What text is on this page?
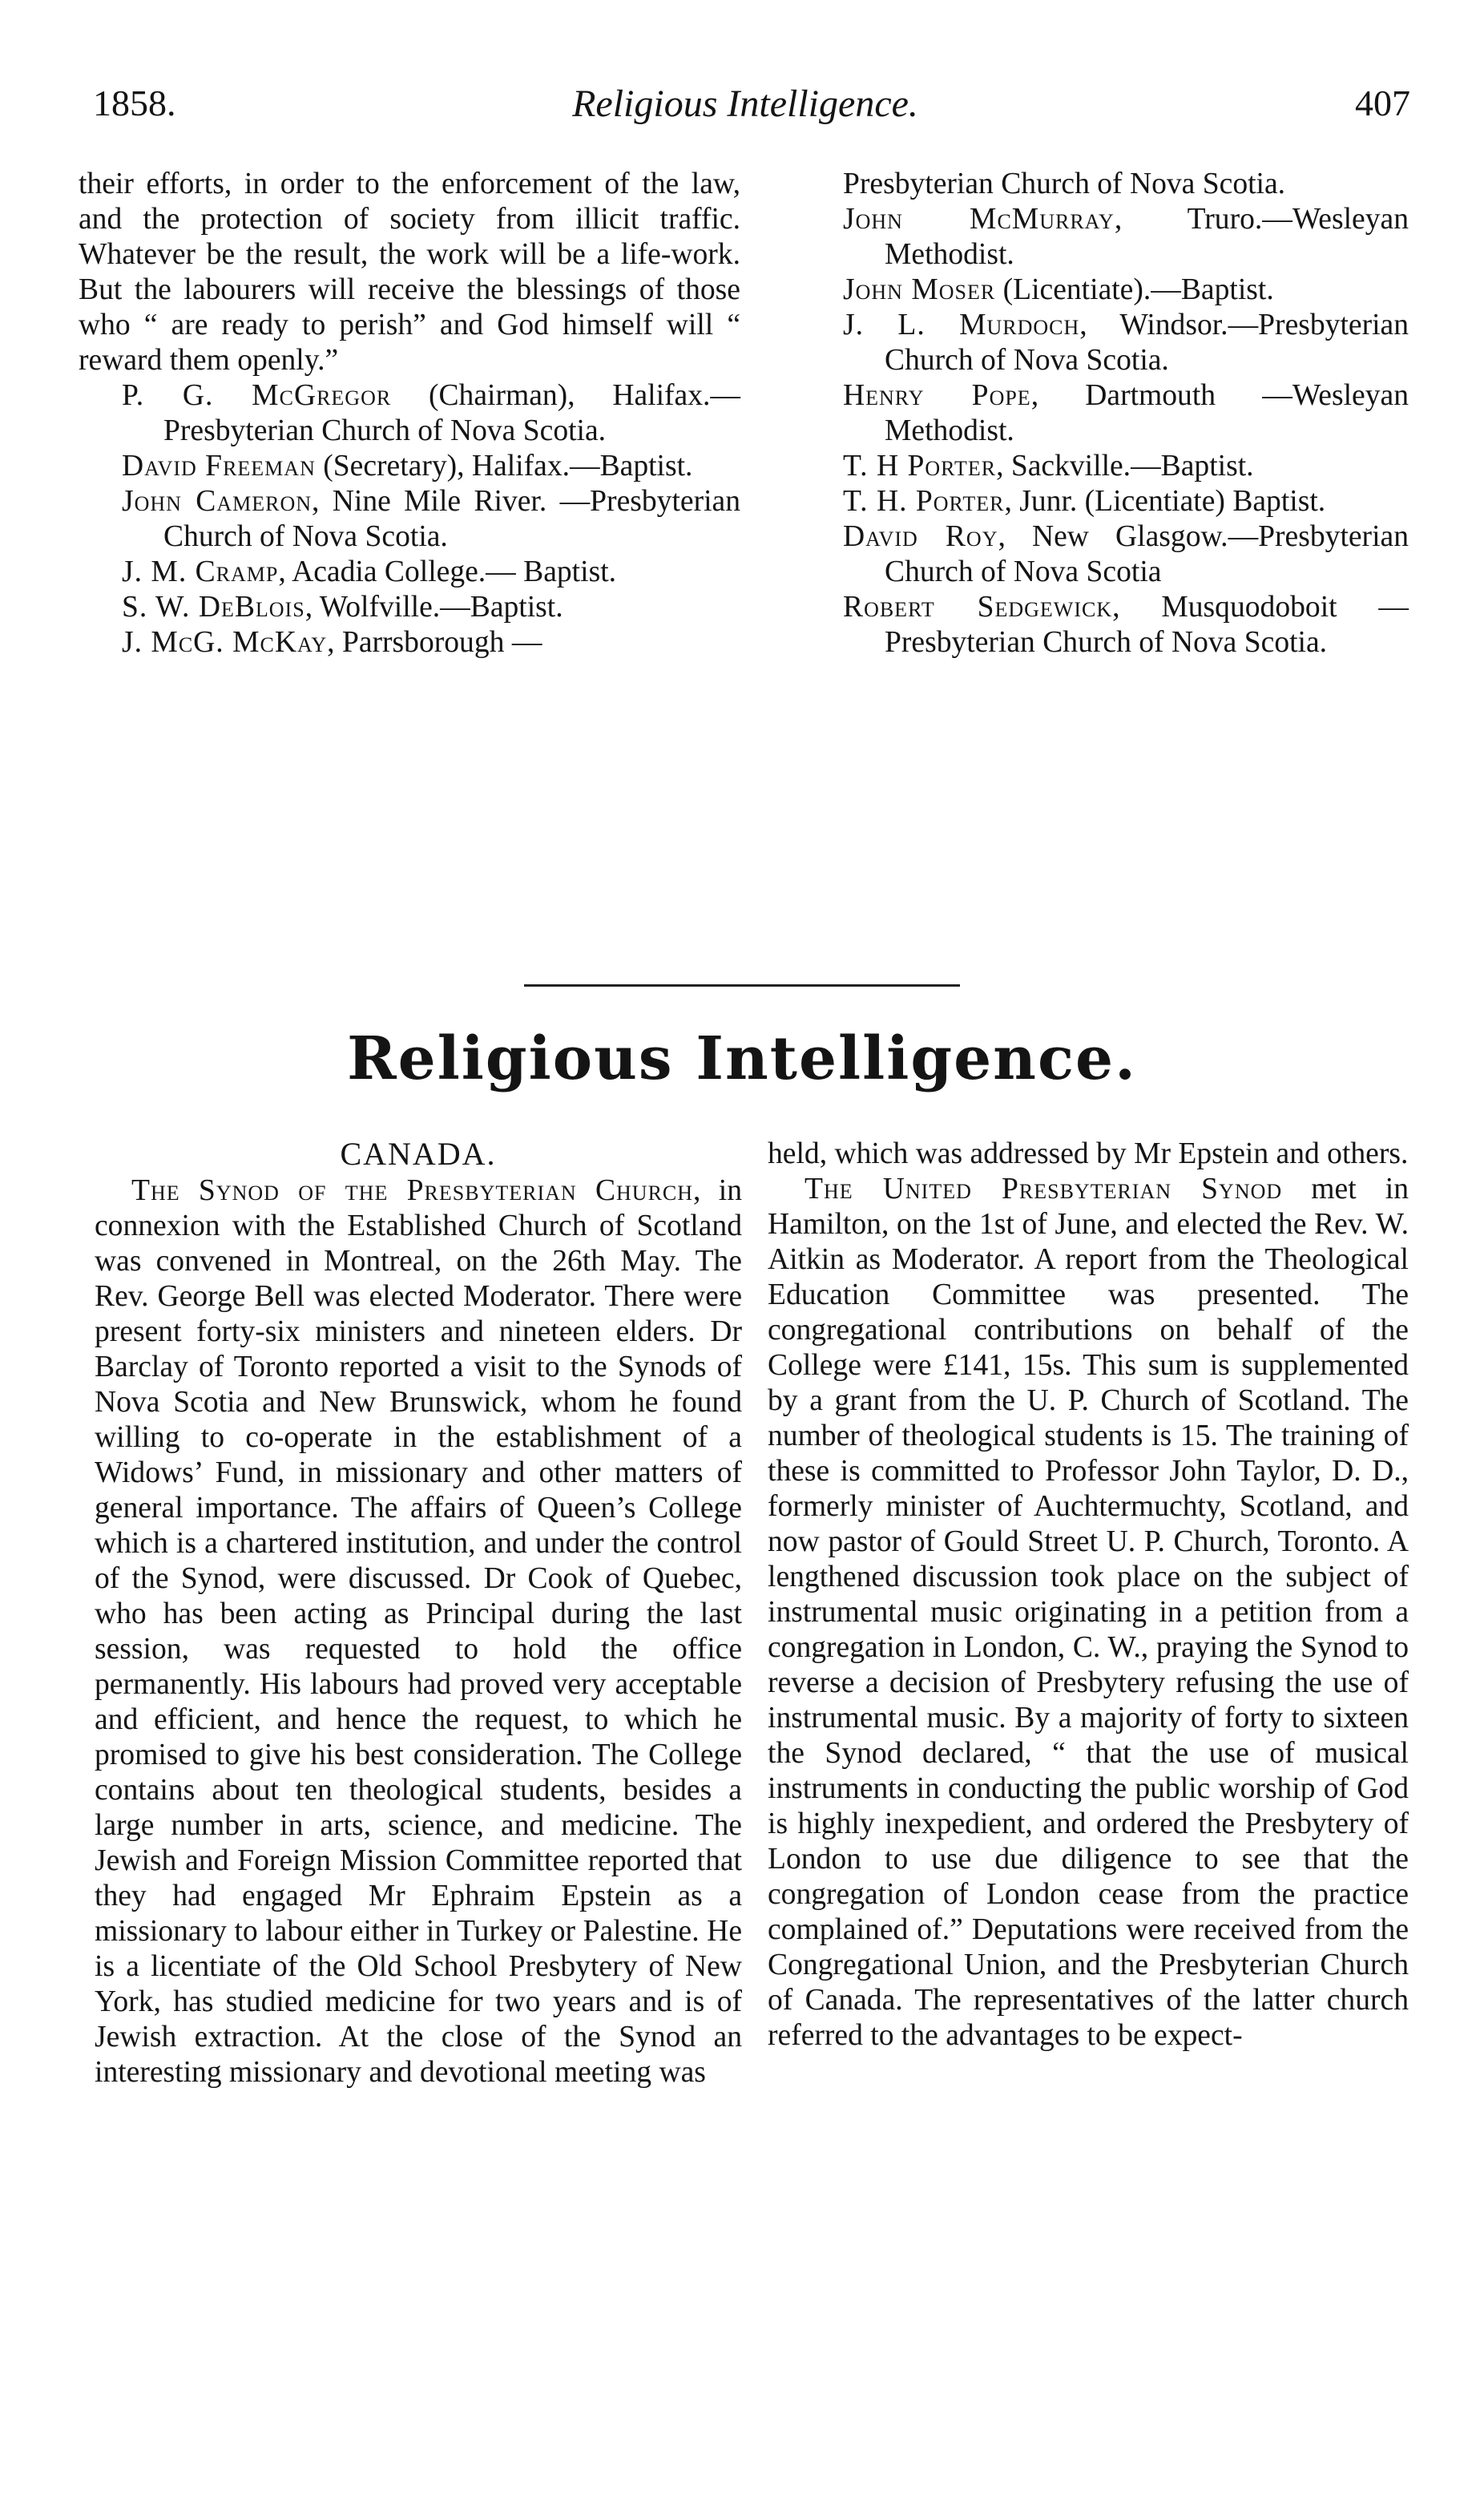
1858.	Religious Intelligence.	407

their efforts, in order to the enforcement of the law, and the protection of society from illicit traffic. Whatever be the result, the work will be a life-work. But the labourers will receive the blessings of those who “ are ready to perish” and God himself will “ reward them openly.”

P. G. McGregor (Chairman), Halifax.—Presbyterian Church of Nova Scotia.

David Freeman (Secretary), Halifax.—Baptist.

John Cameron, Nine Mile River. —Presbyterian Church of Nova Scotia.

J. M. Cramp, Acadia College.— Baptist.

S. W. DeBlois, Wolfville.—Baptist.

J. McG. McKay, Parrsborough —

Presbyterian Church of Nova Scotia.

John McMurray, Truro.—Wesleyan Methodist.

John Moser (Licentiate).—Baptist.

J. L. Murdoch, Windsor.—Presbyterian Church of Nova Scotia.

Henry Pope, Dartmouth —Wesleyan Methodist.

T. H Porter, Sackville.—Baptist.

T. H. Porter, Junr. (Licentiate) Baptist.

David Roy, New Glasgow.—Presbyterian Church of Nova Scotia

Robert Sedgewick, Musquodoboit —Presbyterian Church of Nova Scotia.

Religious Intelligence.
CANADA.

The Synod of the Presbyterian Church, in connexion with the Established Church of Scotland was convened in Montreal, on the 26th May. The Rev. George Bell was elected Moderator. There were present forty-six ministers and nineteen elders. Dr Barclay of Toronto reported a visit to the Synods of Nova Scotia and New Brunswick, whom he found willing to co-operate in the establishment of a Widows’ Fund, in missionary and other matters of general importance. The affairs of Queen’s College which is a chartered institution, and under the control of the Synod, were discussed. Dr Cook of Quebec, who has been acting as Principal during the last session, was requested to hold the office permanently. His labours had proved very acceptable and efficient, and hence the request, to which he promised to give his best consideration. The College contains about ten theological students, besides a large number in arts, science, and medicine. The Jewish and Foreign Mission Committee reported that they had engaged Mr Ephraim Epstein as a missionary to labour either in Turkey or Palestine. He is a licentiate of the Old School Presbytery of New York, has studied medicine for two years and is of Jewish extraction. At the close of the Synod an interesting missionary and devotional meeting was

held, which was addressed by Mr Epstein and others.

The United Presbyterian Synod met in Hamilton, on the 1st of June, and elected the Rev. W. Aitkin as Moderator. A report from the Theological Education Committee was presented. The congregational contributions on behalf of the College were £141, 15s. This sum is supplemented by a grant from the U. P. Church of Scotland. The number of theological students is 15. The training of these is committed to Professor John Taylor, D. D., formerly minister of Auchtermuchty, Scotland, and now pastor of Gould Street U. P. Church, Toronto. A lengthened discussion took place on the subject of instrumental music originating in a petition from a congregation in London, C. W., praying the Synod to reverse a decision of Presbytery refusing the use of instrumental music. By a majority of forty to sixteen the Synod declared, “ that the use of musical instruments in conducting the public worship of God is highly inexpedient, and ordered the Presbytery of London to use due diligence to see that the congregation of London cease from the practice complained of.” Deputations were received from the Congregational Union, and the Presbyterian Church of Canada. The representatives of the latter church referred to the advantages to be expect-
